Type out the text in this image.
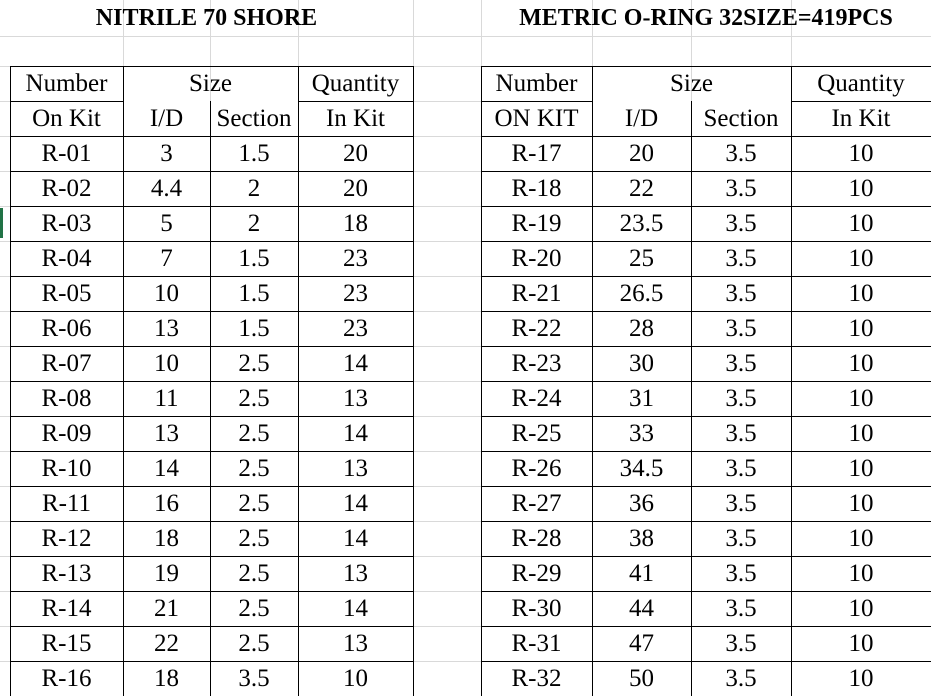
NITRILE 70 SHORE	METRIC O-RING 32SIZE=419PCS
Number	Size	Quantity
On Kit	I/D	Section	In Kit
Number	Size	Quantity
ON KIT	I/D	Section	In Kit
R-01	3	1.5	20
R-02	4.4	2	20
R-03	5	2	18
R-04	7	1.5	23
R-05	10	1.5	23
R-06	13	1.5	23
R-07	10	2.5	14
R-08	11	2.5	13
R-09	13	2.5	14
R-10	14	2.5	13
R-11	16	2.5	14
R-12	18	2.5	14
R-13	19	2.5	13
R-14	21	2.5	14
R-15	22	2.5	13
R-16	18	3.5	10
R-17	20	3.5	10
R-18	22	3.5	10
R-19	23.5	3.5	10
R-20	25	3.5	10
R-21	26.5	3.5	10
R-22	28	3.5	10
R-23	30	3.5	10
R-24	31	3.5	10
R-25	33	3.5	10
R-26	34.5	3.5	10
R-27	36	3.5	10
R-28	38	3.5	10
R-29	41	3.5	10
R-30	44	3.5	10
R-31	47	3.5	10
R-32	50	3.5	10
